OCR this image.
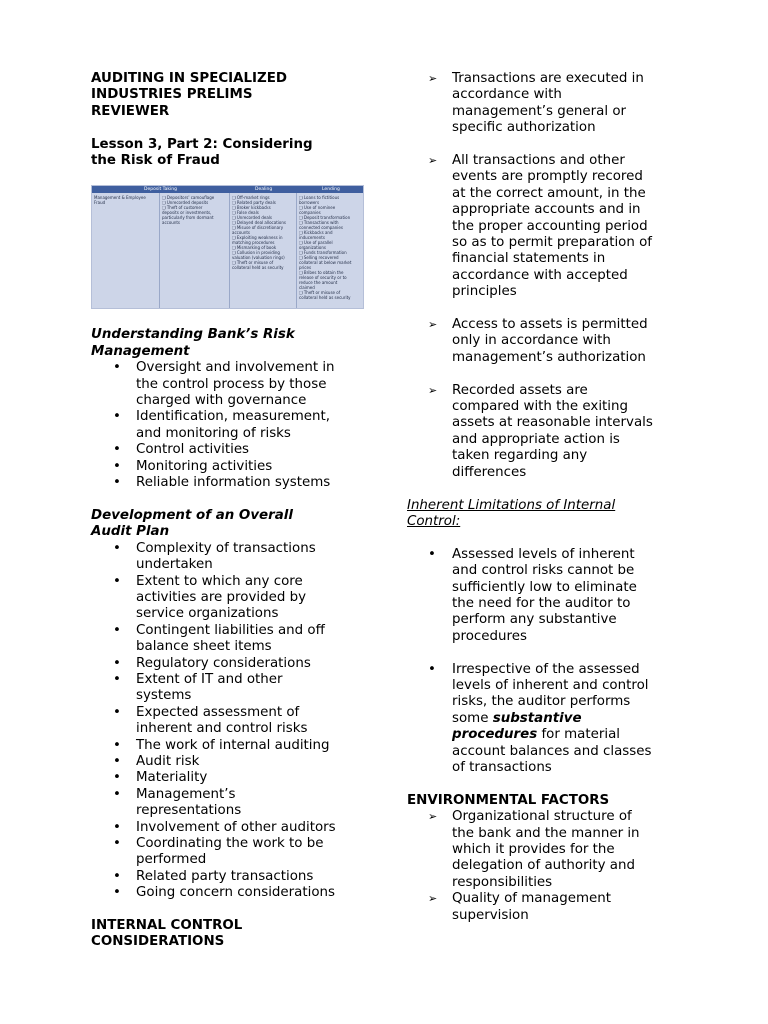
AUDITING IN SPECIALIZED
INDUSTRIES PRELIMS
REVIEWER

Lesson 3, Part 2: Considering
the Risk of Fraud

Deposit Taking	Dealing	Lending
Management & Employee
Fraud
❑ Depositors' camouflage
❑ Unrecorded deposits
❑ Theft of customer
deposits or investments,
particularly from dormant
accounts
❑ Off-market rings
❑ Related party deals
❑ Broker kickbacks
❑ False deals
❑ Unrecorded deals
❑ Delayed deal allocations
❑ Misuse of discretionary
accounts
❑ Exploiting weakness in
matching procedures
❑ Mismarking of book
❑ Collusion in providing
valuation (valuation rings)
❑ Theft or misuse of
collateral held as security
❑ Loans to fictitious
borrowers
❑ Use of nominee
companies
❑ Deposit transformation
❑ Transactions with
connected companies
❑ Kickbacks and
inducements
❑ Use of parallel
organizations
❑ Funds transformation
❑ Selling recovered
collateral at below market
prices
❑ Bribes to obtain the
release of security or to
reduce the amount
claimed
❑ Theft or misuse of
collateral held as security

Understanding Bank’s Risk
Management

• Oversight and involvement in
the control process by those
charged with governance
• Identification, measurement,
and monitoring of risks
• Control activities
• Monitoring activities
• Reliable information systems

Development of an Overall
Audit Plan

• Complexity of transactions
undertaken
• Extent to which any core
activities are provided by
service organizations
• Contingent liabilities and off
balance sheet items
• Regulatory considerations
• Extent of IT and other
systems
• Expected assessment of
inherent and control risks
• The work of internal auditing
• Audit risk
• Materiality
• Management’s
representations
• Involvement of other auditors
• Coordinating the work to be
performed
• Related party transactions
• Going concern considerations

INTERNAL CONTROL
CONSIDERATIONS

➢ Transactions are executed in
accordance with
management’s general or
specific authorization
➢ All transactions and other
events are promptly recored
at the correct amount, in the
appropriate accounts and in
the proper accounting period
so as to permit preparation of
financial statements in
accordance with accepted
principles
➢ Access to assets is permitted
only in accordance with
management’s authorization
➢ Recorded assets are
compared with the exiting
assets at reasonable intervals
and appropriate action is
taken regarding any
differences

Inherent Limitations of Internal
Control:

• Assessed levels of inherent
and control risks cannot be
sufficiently low to eliminate
the need for the auditor to
perform any substantive
procedures
• Irrespective of the assessed
levels of inherent and control
risks, the auditor performs
some substantive
procedures for material
account balances and classes
of transactions

ENVIRONMENTAL FACTORS

➢ Organizational structure of
the bank and the manner in
which it provides for the
delegation of authority and
responsibilities
➢ Quality of management
supervision
